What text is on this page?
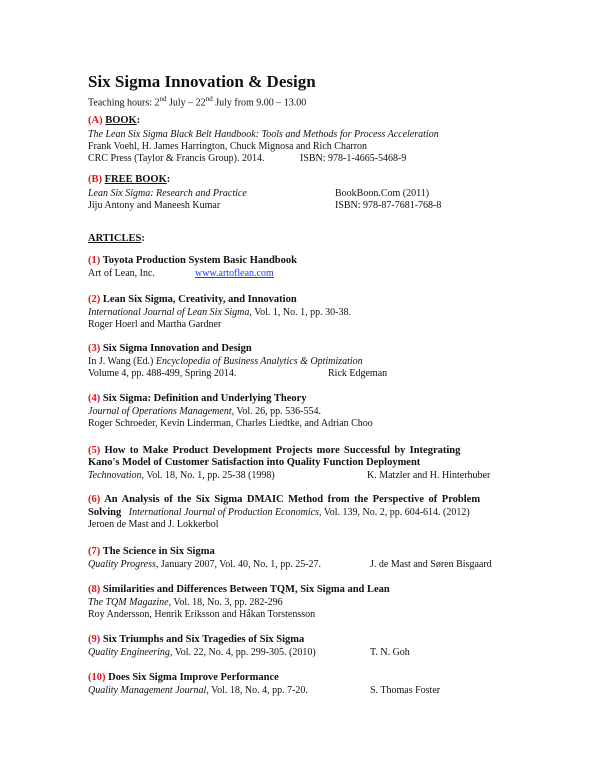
Six Sigma Innovation & Design
Teaching hours: 2nd July – 22nd July from 9.00 – 13.00
(A) BOOK:
The Lean Six Sigma Black Belt Handbook: Tools and Methods for Process Acceleration
Frank Voehl, H. James Harrington, Chuck Mignosa and Rich Charron
CRC Press (Taylor & Francis Group). 2014.	ISBN: 978-1-4665-5468-9
(B) FREE BOOK:
Lean Six Sigma: Research and Practice	BookBoon.Com (2011)
Jiju Antony and Maneesh Kumar	ISBN: 978-87-7681-768-8
ARTICLES:
(1) Toyota Production System Basic Handbook
Art of Lean, Inc.	www.artoflean.com
(2) Lean Six Sigma, Creativity, and Innovation
International Journal of Lean Six Sigma, Vol. 1, No. 1, pp. 30-38.
Roger Hoerl and Martha Gardner
(3) Six Sigma Innovation and Design
In J. Wang (Ed.) Encyclopedia of Business Analytics & Optimization
Volume 4, pp. 488-499, Spring 2014.	Rick Edgeman
(4) Six Sigma: Definition and Underlying Theory
Journal of Operations Management, Vol. 26, pp. 536-554.
Roger Schroeder, Kevin Linderman, Charles Liedtke, and Adrian Choo
(5) How to Make Product Development Projects more Successful by Integrating
Kano's Model of Customer Satisfaction into Quality Function Deployment
Technovation, Vol. 18, No. 1, pp. 25-38 (1998)	K. Matzler and H. Hinterhuber
(6) An Analysis of the Six Sigma DMAIC Method from the Perspective of Problem
Solving International Journal of Production Economics, Vol. 139, No. 2, pp. 604-614. (2012)
Jeroen de Mast and J. Lokkerbol
(7) The Science in Six Sigma
Quality Progress, January 2007, Vol. 40, No. 1, pp. 25-27.	J. de Mast and Søren Bisgaard
(8) Similarities and Differences Between TQM, Six Sigma and Lean
The TQM Magazine, Vol. 18, No. 3, pp. 282-296
Roy Andersson, Henrik Eriksson and Håkan Torstensson
(9) Six Triumphs and Six Tragedies of Six Sigma
Quality Engineering, Vol. 22, No. 4, pp. 299-305. (2010)	T. N. Goh
(10) Does Six Sigma Improve Performance
Quality Management Journal, Vol. 18, No. 4, pp. 7-20.	S. Thomas Foster
